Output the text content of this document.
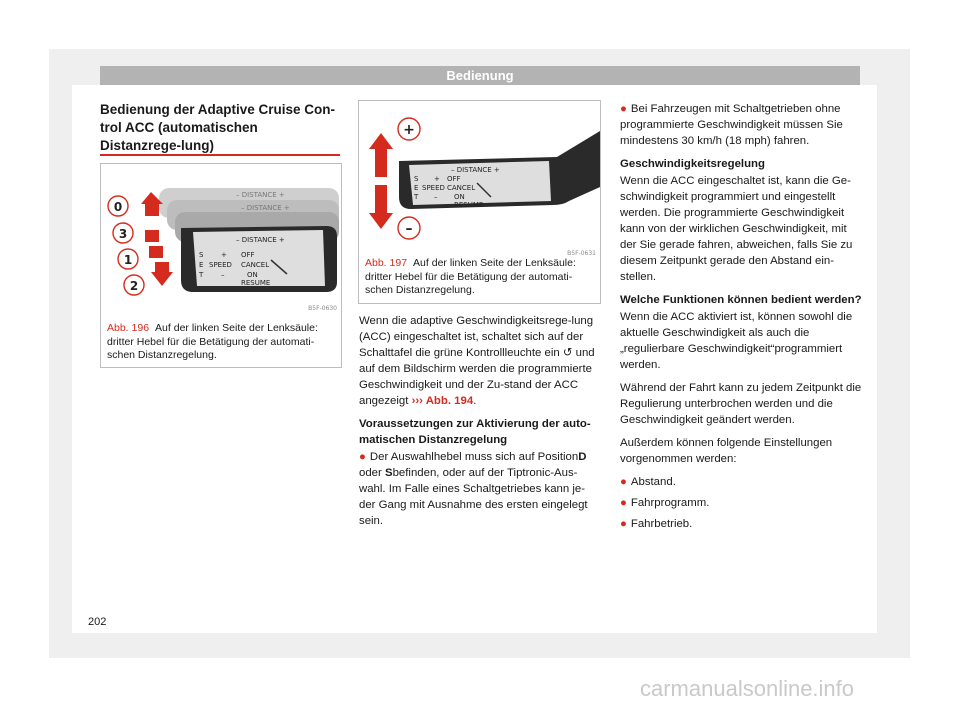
Bedienung
Bedienung der Adaptive Cruise Con-trol ACC (automatischen Distanzrege-lung)
– DISTANCE +
– DISTANCE +
– DISTANCE +
S
E
T
SPEED
+
–
OFF
CANCEL
ON
RESUME
0
3
1
2
B5F-0630
Abb. 196 Auf der linken Seite der Lenksäule: dritter Hebel für die Betätigung der automati-schen Distanzregelung.
– DISTANCE +
S
E
T
SPEED
+
–
OFF
CANCEL
ON
RESUME
+
–
B5F-0631
Abb. 197 Auf der linken Seite der Lenksäule: dritter Hebel für die Betätigung der automati-schen Distanzregelung.

Wenn die adaptive Geschwindigkeitsrege-lung (ACC) eingeschaltet ist, schaltet sich auf der Schalttafel die grüne Kontrollleuchte ein ↺ und auf dem Bildschirm werden die programmierte Geschwindigkeit und der Zu-stand der ACC angezeigt ››› Abb. 194.

Voraussetzungen zur Aktivierung der auto-matischen Distanzregelung

● Der Auswahlhebel muss sich auf PositionD oder Sbefinden, oder auf der Tiptronic-Aus-wahl. Im Falle eines Schaltgetriebes kann je-der Gang mit Ausnahme des ersten eingelegt sein.

● Bei Fahrzeugen mit Schaltgetrieben ohne programmierte Geschwindigkeit müssen Sie mindestens 30 km/h (18 mph) fahren.

Geschwindigkeitsregelung

Wenn die ACC eingeschaltet ist, kann die Ge-schwindigkeit programmiert und eingestellt werden. Die programmierte Geschwindigkeit kann von der wirklichen Geschwindigkeit, mit der Sie gerade fahren, abweichen, falls Sie zu diesem Zeitpunkt gerade den Abstand ein-stellen.

Welche Funktionen können bedient werden?

Wenn die ACC aktiviert ist, können sowohl die aktuelle Geschwindigkeit als auch die „regulierbare Geschwindigkeit“programmiert werden.

Während der Fahrt kann zu jedem Zeitpunkt die Regulierung unterbrochen werden und die Geschwindigkeit geändert werden.

Außerdem können folgende Einstellungen vorgenommen werden:

● Abstand.

● Fahrprogramm.

● Fahrbetrieb.

202
carmanualsonline.info
